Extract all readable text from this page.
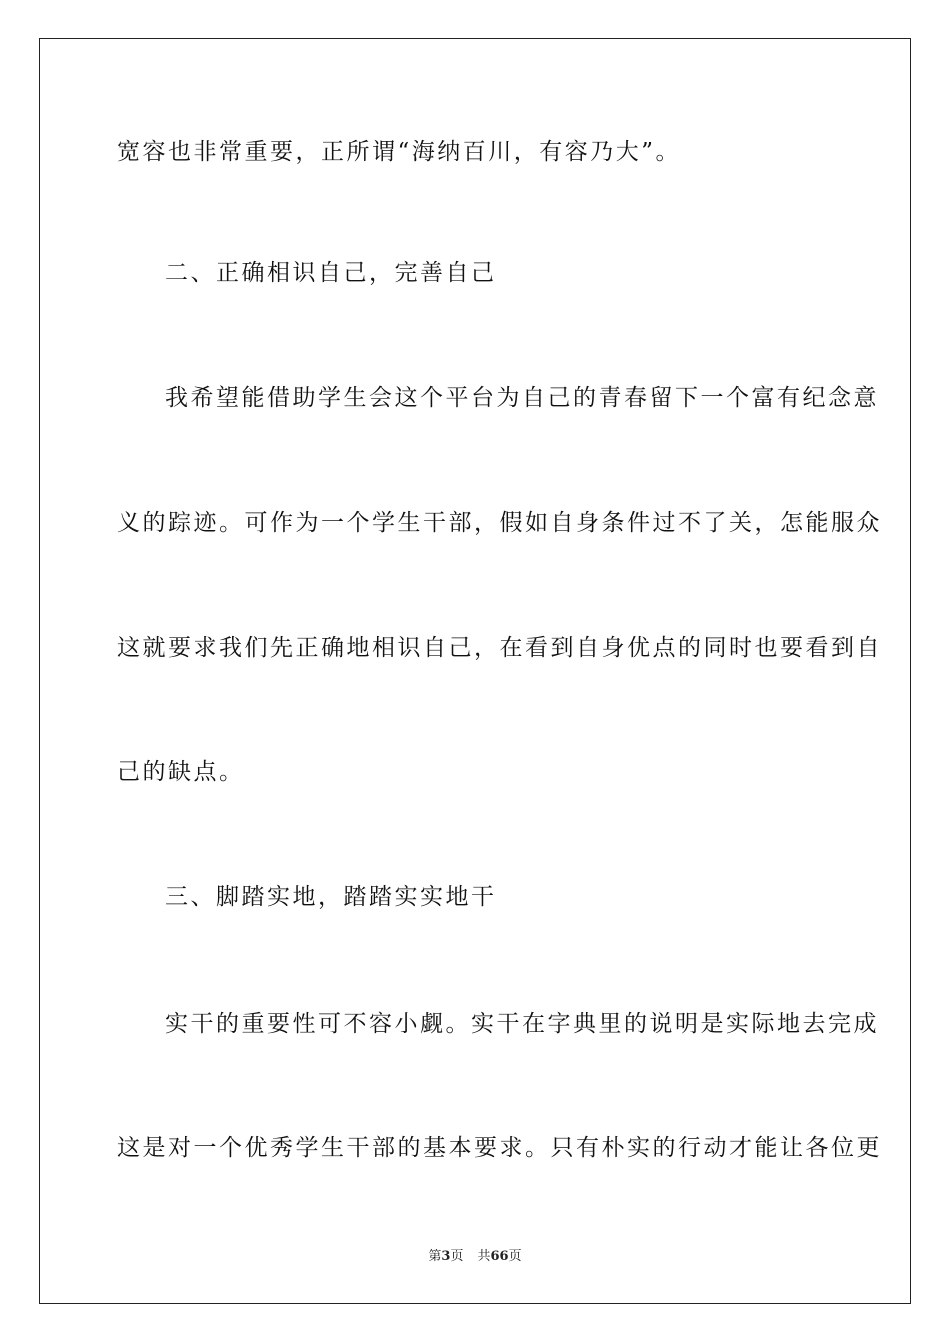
宽容也非常重要，正所谓“海纳百川，有容乃大”。
二、正确相识自己，完善自己
我希望能借助学生会这个平台为自己的青春留下一个富有纪念意
义的踪迹。可作为一个学生干部，假如自身条件过不了关，怎能服众
这就要求我们先正确地相识自己，在看到自身优点的同时也要看到自
己的缺点。
三、脚踏实地，踏踏实实地干
实干的重要性可不容小觑。实干在字典里的说明是实际地去完成
这是对一个优秀学生干部的基本要求。只有朴实的行动才能让各位更
第3页 共66页
